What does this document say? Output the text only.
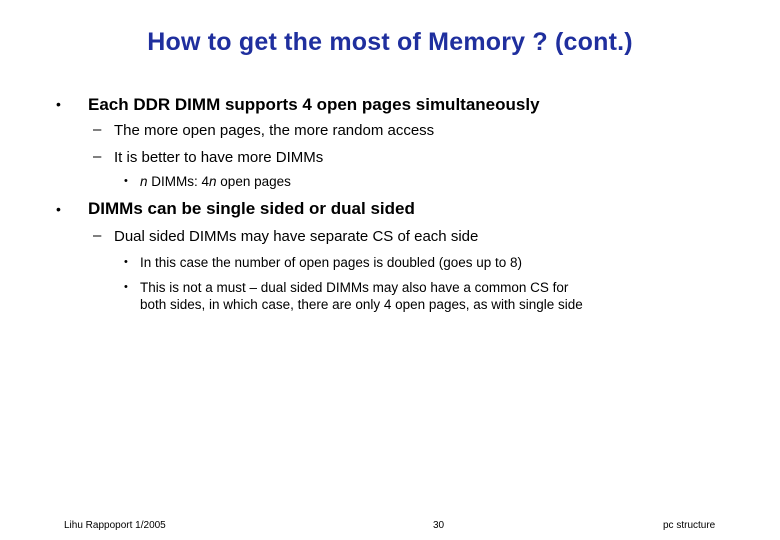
How to get the most of Memory ? (cont.)
• Each DDR DIMM supports 4 open pages simultaneously
– The more open pages, the more random access
– It is better to have more DIMMs
• n DIMMs: 4n open pages
• DIMMs can be single sided or dual sided
– Dual sided DIMMs may have separate CS of each side
• In this case the number of open pages is doubled (goes up to 8)
• This is not a must – dual sided DIMMs may also have a common CS for
both sides, in which case, there are only 4 open pages, as with single side
Lihu Rappoport 1/2005	30	pc structure
